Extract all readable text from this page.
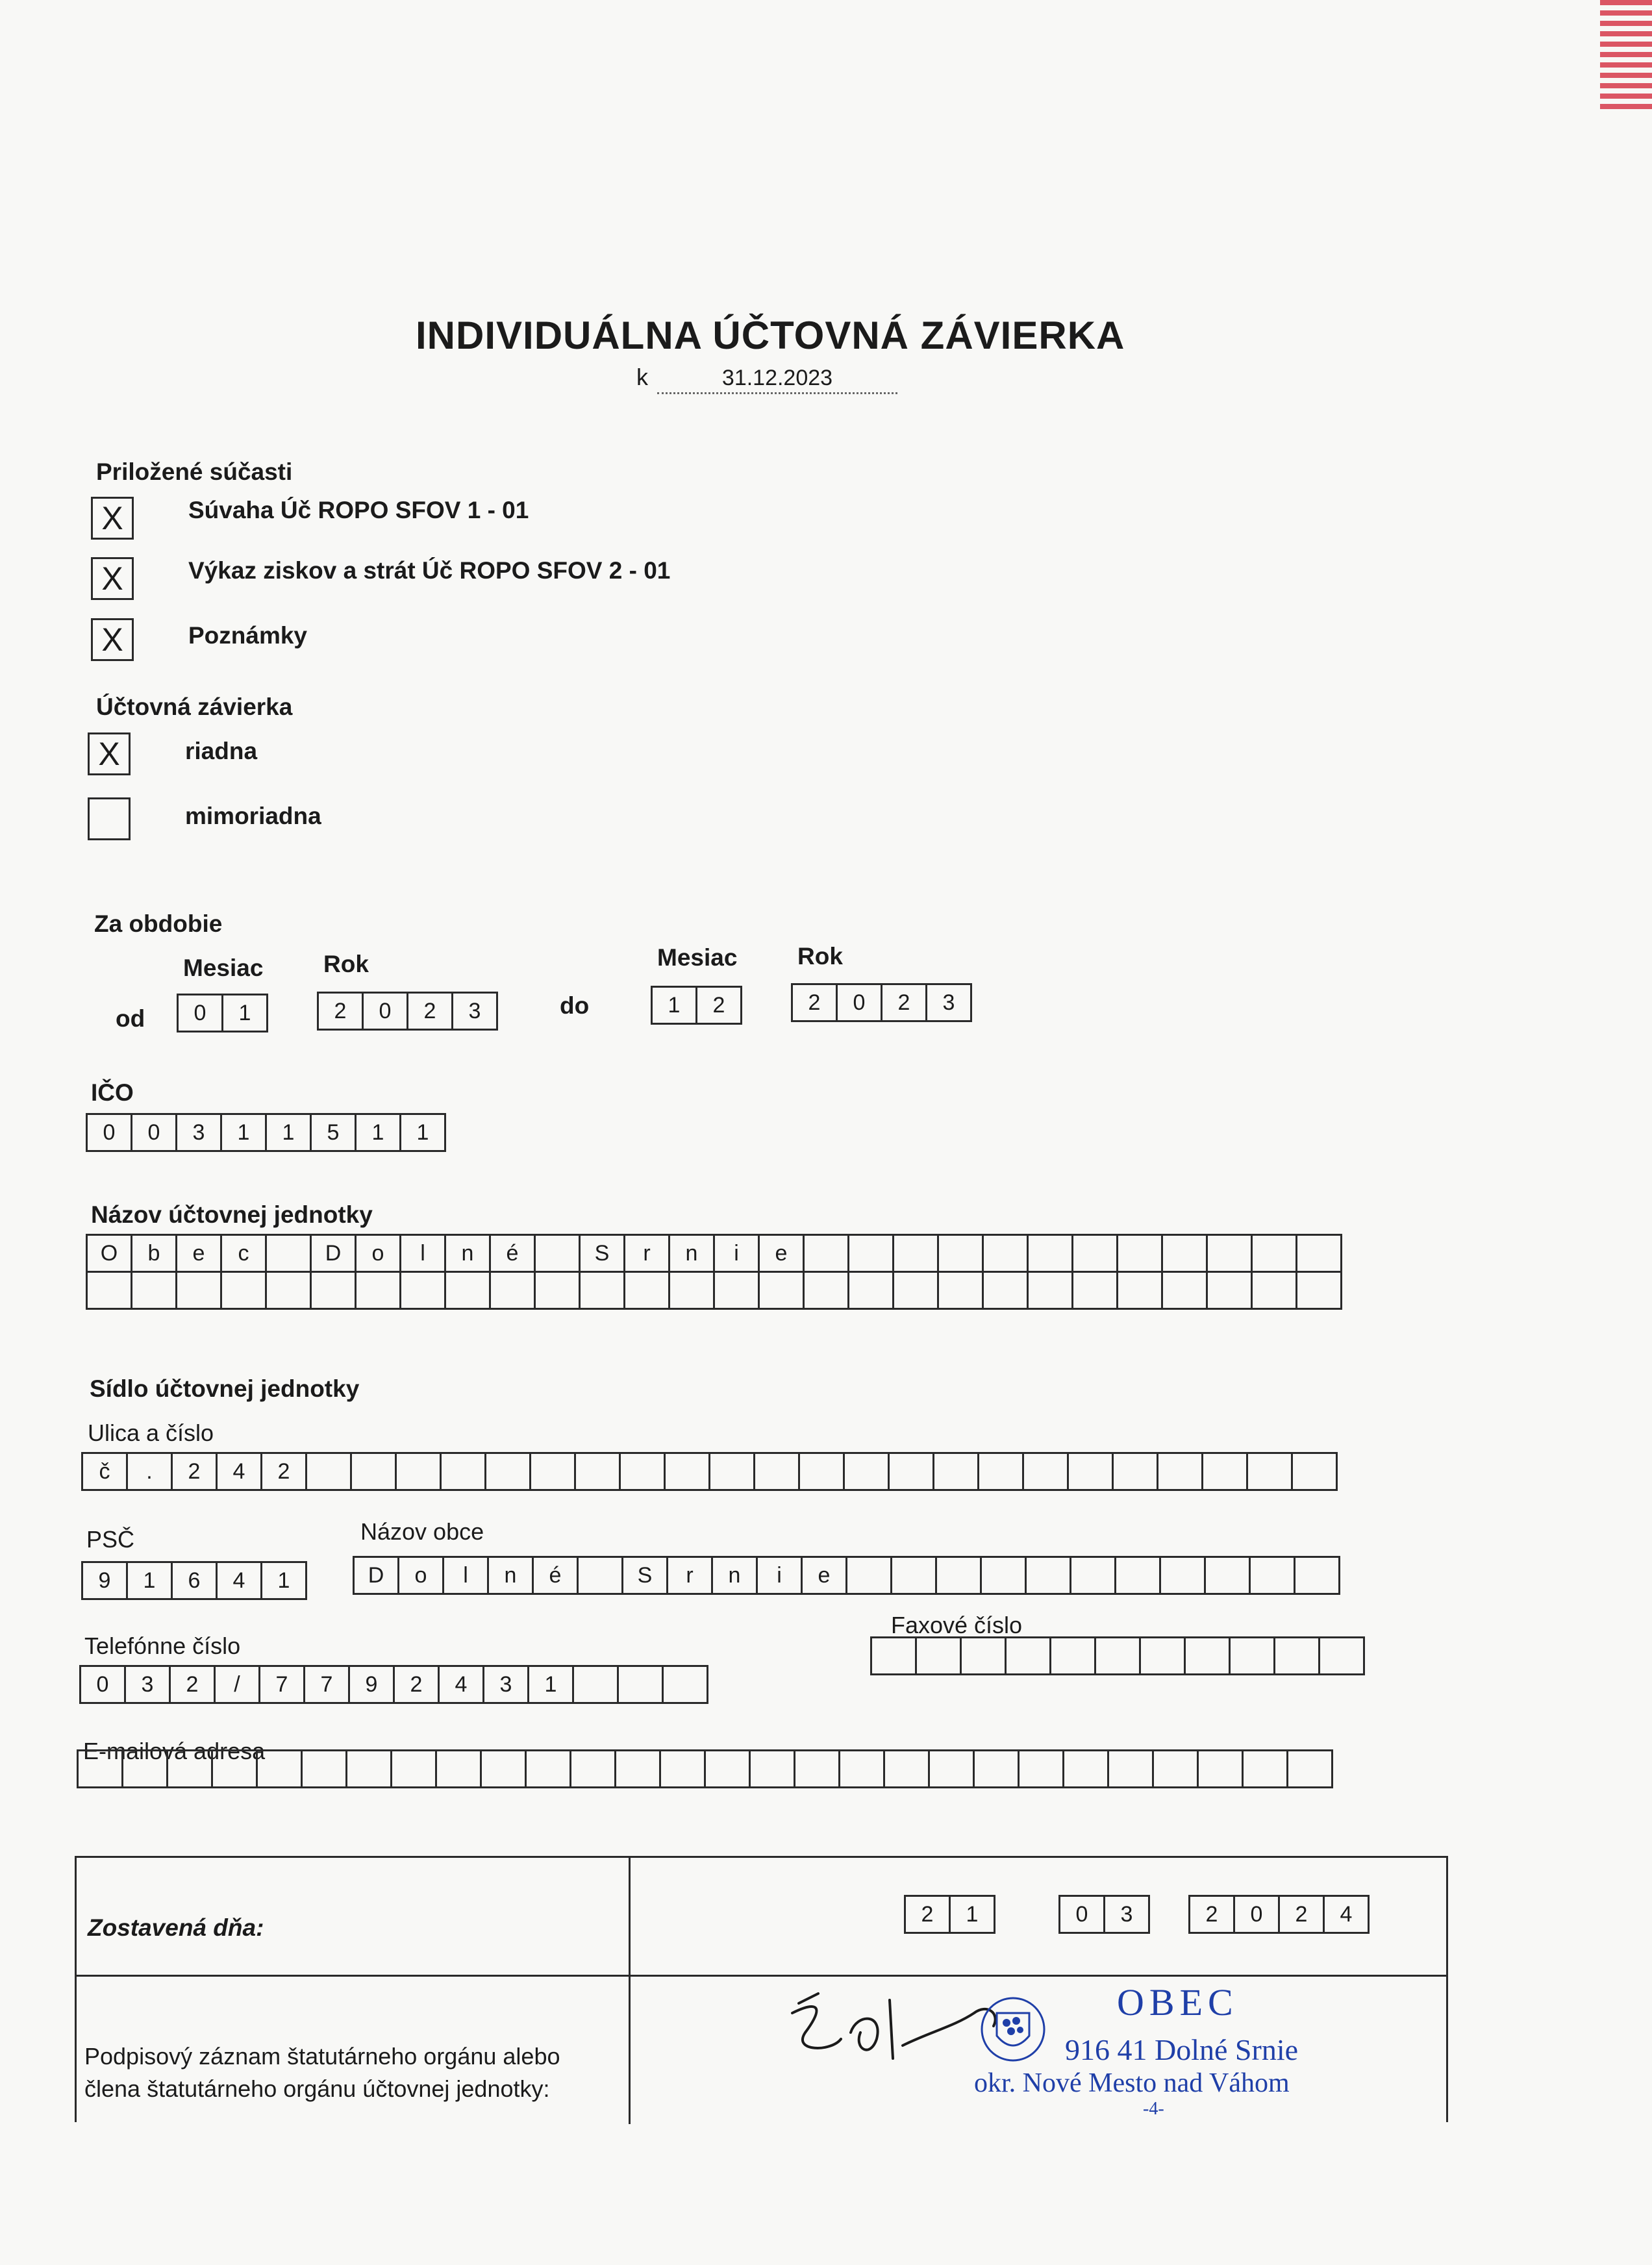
INDIVIDUÁLNA ÚČTOVNÁ ZÁVIERKA
k	31.12.2023
Priložené súčasti
X	Súvaha Úč ROPO SFOV 1 - 01
X	Výkaz ziskov a strát Úč ROPO SFOV 2 - 01
X	Poznámky
Účtovná závierka
X	riadna
mimoriadna
Za obdobie
Mesiac	Rok	Mesiac	Rok
od	0	1	2	0	2	3	do	1	2	2	0	2	3
IČO
0	0	3	1	1	5	1	1
Názov účtovnej jednotky
O	b	e	c	D	o	l	n	é	S	r	n	i	e
Sídlo účtovnej jednotky
Ulica a číslo
č	.	2	4	2
PSČ
9	1	6	4	1
Názov obce
D	o	l	n	é	S	r	n	i	e
Telefónne číslo
0	3	2	/	7	7	9	2	4	3	1
Faxové číslo
E-mailová adresa
Zostavená dňa:
2	1	0	3	2	0	2	4
Podpisový záznam štatutárneho orgánu alebo
člena štatutárneho orgánu účtovnej jednotky:
OBEC
916 41 Dolné Srnie
okr. Nové Mesto nad Váhom
-4-
